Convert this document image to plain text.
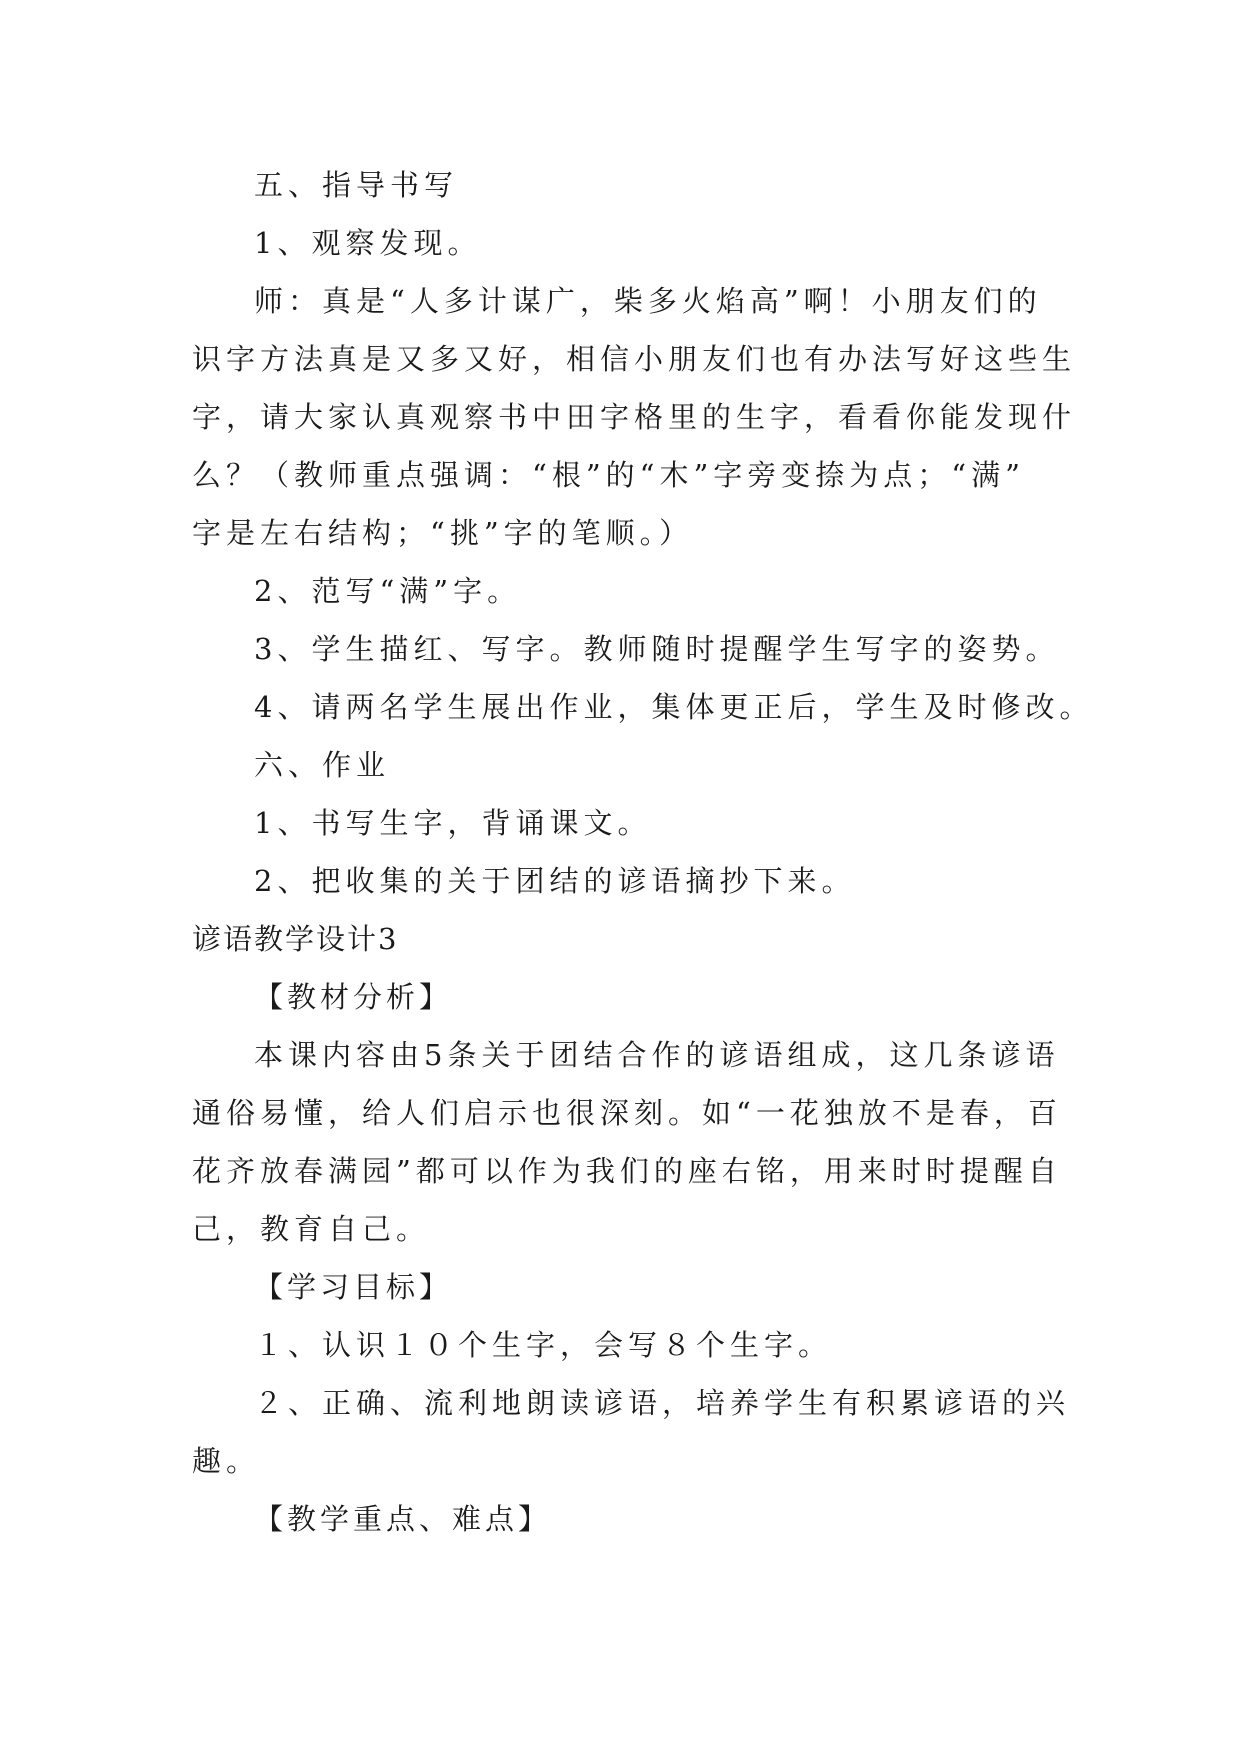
五、指导书写
1、观察发现。
师：真是“人多计谋广，柴多火焰高”啊！小朋友们的
识字方法真是又多又好，相信小朋友们也有办法写好这些生
字，请大家认真观察书中田字格里的生字，看看你能发现什
么？（教师重点强调：“根”的“木”字旁变捺为点；“满”
字是左右结构；“挑”字的笔顺。）
2、范写“满”字。
3、学生描红、写字。教师随时提醒学生写字的姿势。
4、请两名学生展出作业，集体更正后，学生及时修改。
六、作业
1、书写生字，背诵课文。
2、把收集的关于团结的谚语摘抄下来。
谚语教学设计3
【教材分析】
本课内容由5条关于团结合作的谚语组成，这几条谚语
通俗易懂，给人们启示也很深刻。如“一花独放不是春，百
花齐放春满园”都可以作为我们的座右铭，用来时时提醒自
己，教育自己。
【学习目标】
１、认识１０个生字，会写８个生字。
２、正确、流利地朗读谚语，培养学生有积累谚语的兴
趣。
【教学重点、难点】
